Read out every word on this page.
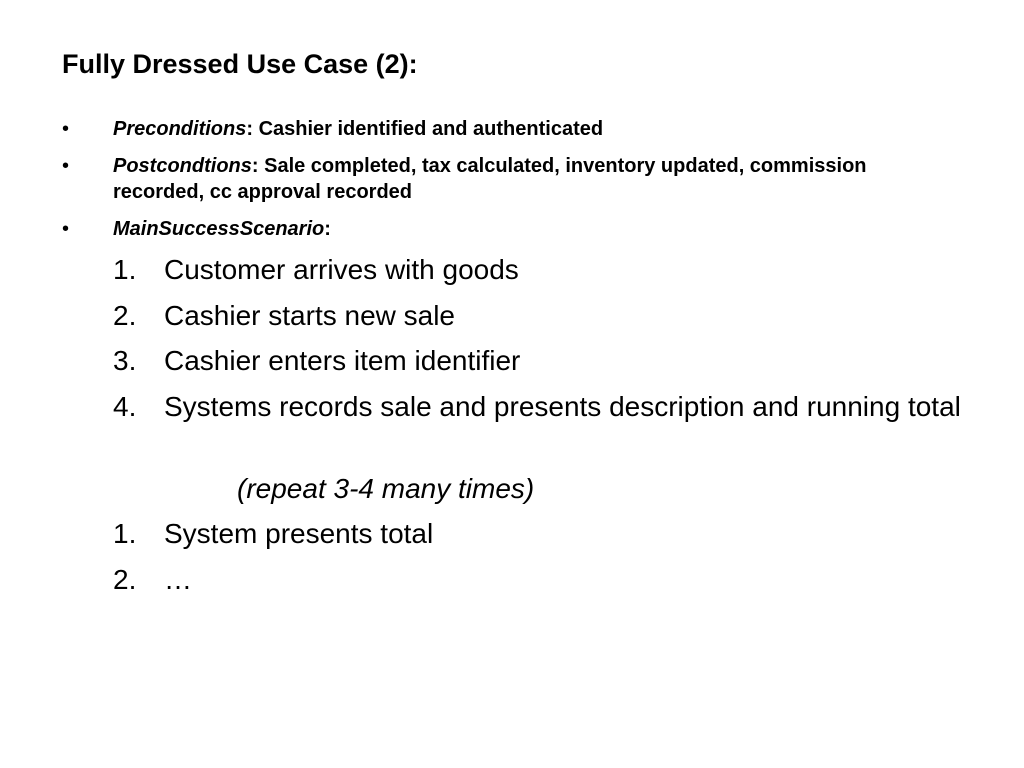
Fully Dressed Use Case (2):
• Preconditions: Cashier identified and authenticated
• Postcondtions: Sale completed, tax calculated, inventory updated, commission recorded, cc approval recorded
• MainSuccessScenario:
1. Customer arrives with goods
2. Cashier starts new sale
3. Cashier enters item identifier
4. Systems records sale and presents description and running total
(repeat 3-4 many times)
1. System presents total
2. …
